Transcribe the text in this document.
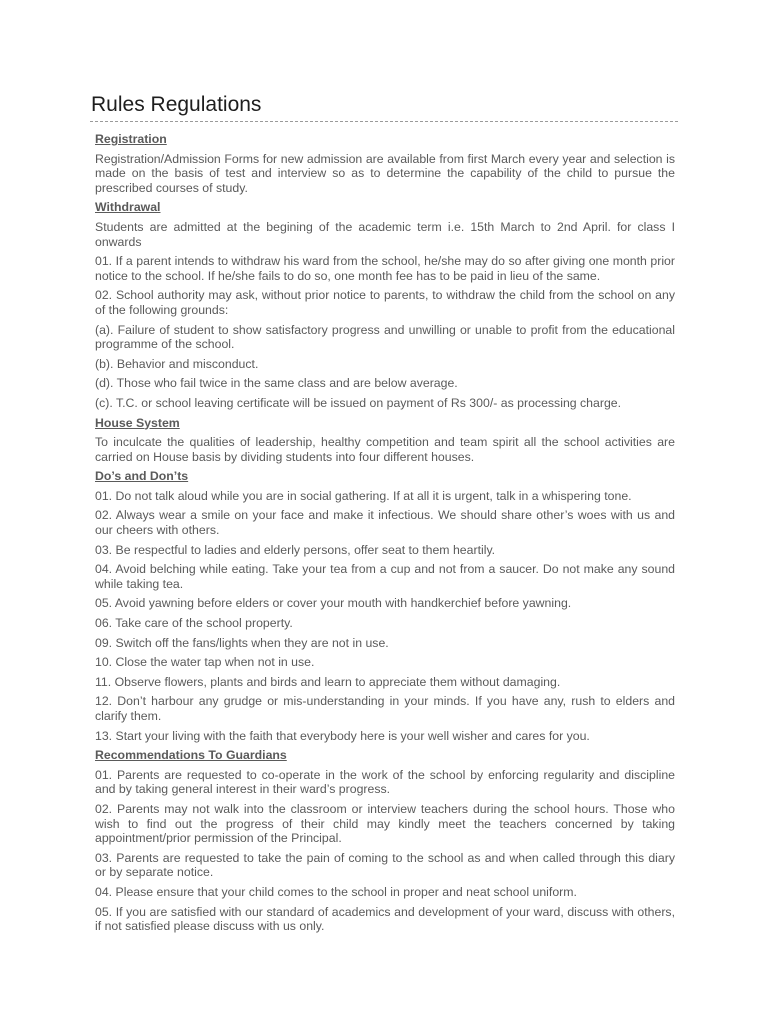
Rules Regulations
Registration

Registration/Admission Forms for new admission are available from first March every year and selection is made on the basis of test and interview so as to determine the capability of the child to pursue the prescribed courses of study.

Withdrawal

Students are admitted at the begining of the academic term i.e. 15th March to 2nd April. for class I onwards

01. If a parent intends to withdraw his ward from the school, he/she may do so after giving one month prior notice to the school. If he/she fails to do so, one month fee has to be paid in lieu of the same.

02. School authority may ask, without prior notice to parents, to withdraw the child from the school on any of the following grounds:

(a). Failure of student to show satisfactory progress and unwilling or unable to profit from the educational programme of the school.

(b). Behavior and misconduct.

(d). Those who fail twice in the same class and are below average.

(c). T.C. or school leaving certificate will be issued on payment of Rs 300/- as processing charge.

House System

To inculcate the qualities of leadership, healthy competition and team spirit all the school activities are carried on House basis by dividing students into four different houses.

Do’s and Don’ts

01. Do not talk aloud while you are in social gathering. If at all it is urgent, talk in a whispering tone.

02. Always wear a smile on your face and make it infectious. We should share other’s woes with us and our cheers with others.

03. Be respectful to ladies and elderly persons, offer seat to them heartily.

04. Avoid belching while eating. Take your tea from a cup and not from a saucer. Do not make any sound while taking tea.

05. Avoid yawning before elders or cover your mouth with handkerchief before yawning.

06. Take care of the school property.

09. Switch off the fans/lights when they are not in use.

10. Close the water tap when not in use.

11. Observe flowers, plants and birds and learn to appreciate them without damaging.

12. Don’t harbour any grudge or mis-understanding in your minds. If you have any, rush to elders and clarify them.

13. Start your living with the faith that everybody here is your well wisher and cares for you.

Recommendations To Guardians

01. Parents are requested to co-operate in the work of the school by enforcing regularity and discipline and by taking general interest in their ward’s progress.

02. Parents may not walk into the classroom or interview teachers during the school hours. Those who wish to find out the progress of their child may kindly meet the teachers concerned by taking appointment/prior permission of the Principal.

03. Parents are requested to take the pain of coming to the school as and when called through this diary or by separate notice.

04. Please ensure that your child comes to the school in proper and neat school uniform.

05. If you are satisfied with our standard of academics and development of your ward, discuss with others, if not satisfied please discuss with us only.
